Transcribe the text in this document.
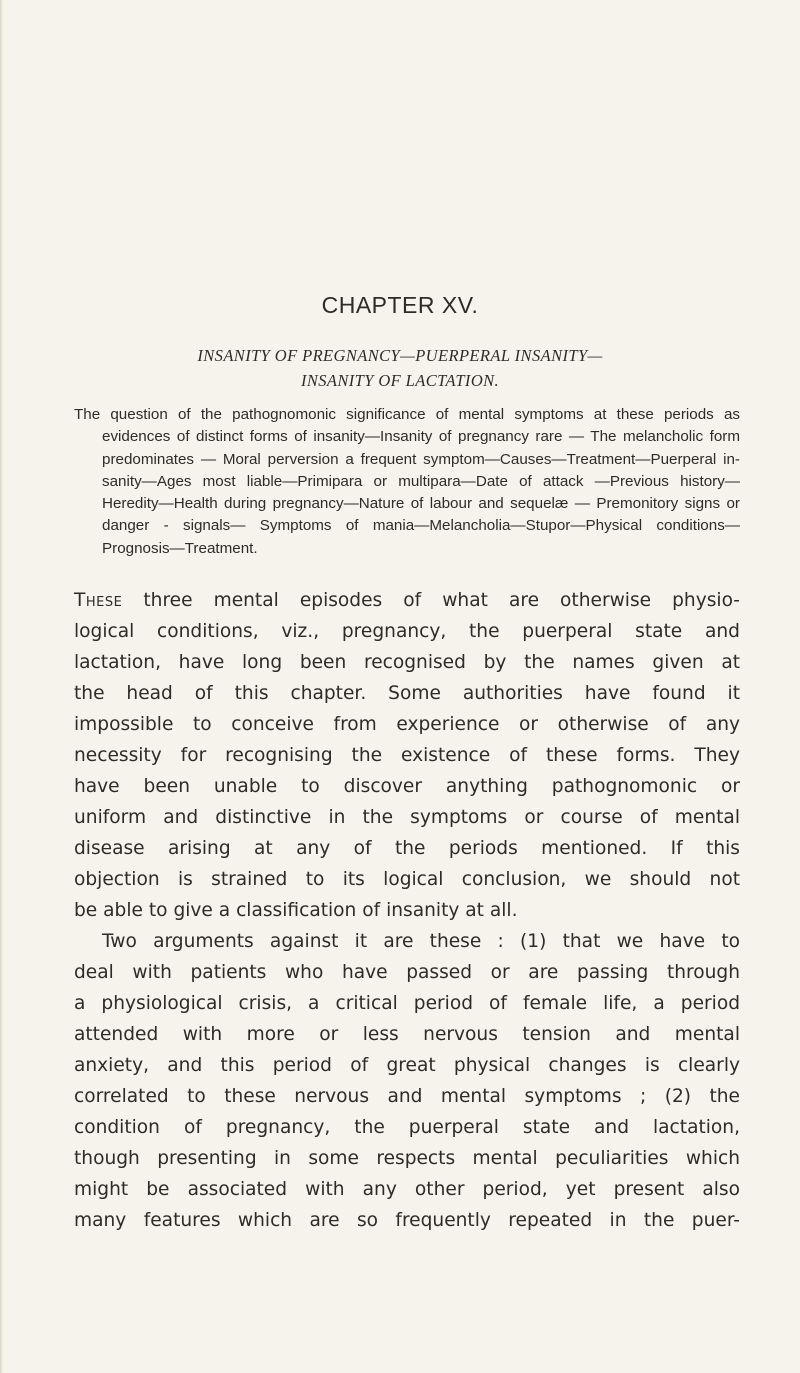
CHAPTER XV.
INSANITY OF PREGNANCY—PUERPERAL INSANITY—
INSANITY OF LACTATION.

The question of the pathognomonic significance of mental symptoms at these periods as evidences of distinct forms of insanity—Insanity of pregnancy rare — The melancholic form predominates — Moral perversion a frequent symptom—Causes—Treatment—Puerperal in-sanity—Ages most liable—Primipara or multipara—Date of attack —Previous history—Heredity—Health during pregnancy—Nature of labour and sequelæ — Premonitory signs or danger - signals— Symptoms of mania—Melancholia—Stupor—Physical conditions— Prognosis—Treatment.

These three mental episodes of what are otherwise physio-
logical conditions, viz., pregnancy, the puerperal state and
lactation, have long been recognised by the names given at
the head of this chapter. Some authorities have found it
impossible to conceive from experience or otherwise of any
necessity for recognising the existence of these forms. They
have been unable to discover anything pathognomonic or
uniform and distinctive in the symptoms or course of mental
disease arising at any of the periods mentioned. If this
objection is strained to its logical conclusion, we should not
be able to give a classification of insanity at all.
Two arguments against it are these : (1) that we have to
deal with patients who have passed or are passing through
a physiological crisis, a critical period of female life, a period
attended with more or less nervous tension and mental
anxiety, and this period of great physical changes is clearly
correlated to these nervous and mental symptoms ; (2) the
condition of pregnancy, the puerperal state and lactation,
though presenting in some respects mental peculiarities which
might be associated with any other period, yet present also
many features which are so frequently repeated in the puer-
